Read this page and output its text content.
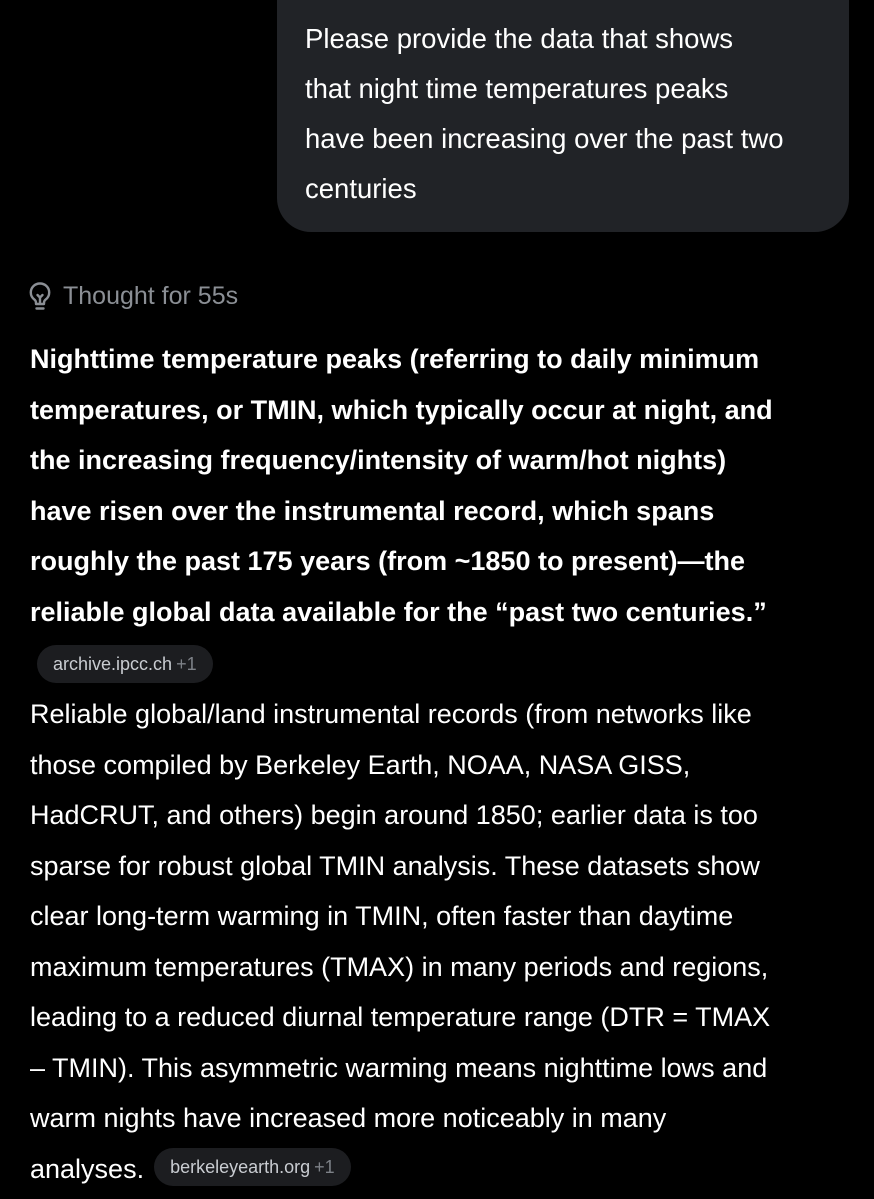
Please provide the data that shows
that night time temperatures peaks
have been increasing over the past two
centuries
Thought for 55s

Nighttime temperature peaks (referring to daily minimum
temperatures, or TMIN, which typically occur at night, and
the increasing frequency/intensity of warm/hot nights)
have risen over the instrumental record, which spans
roughly the past 175 years (from ~1850 to present)—the
reliable global data available for the “past two centuries.”

archive.ipcc.ch +1

Reliable global/land instrumental records (from networks like
those compiled by Berkeley Earth, NOAA, NASA GISS,
HadCRUT, and others) begin around 1850; earlier data is too
sparse for robust global TMIN analysis. These datasets show
clear long-term warming in TMIN, often faster than daytime
maximum temperatures (TMAX) in many periods and regions,
leading to a reduced diurnal temperature range (DTR = TMAX
– TMIN). This asymmetric warming means nighttime lows and
warm nights have increased more noticeably in many
analyses. berkeleyearth.org +1
